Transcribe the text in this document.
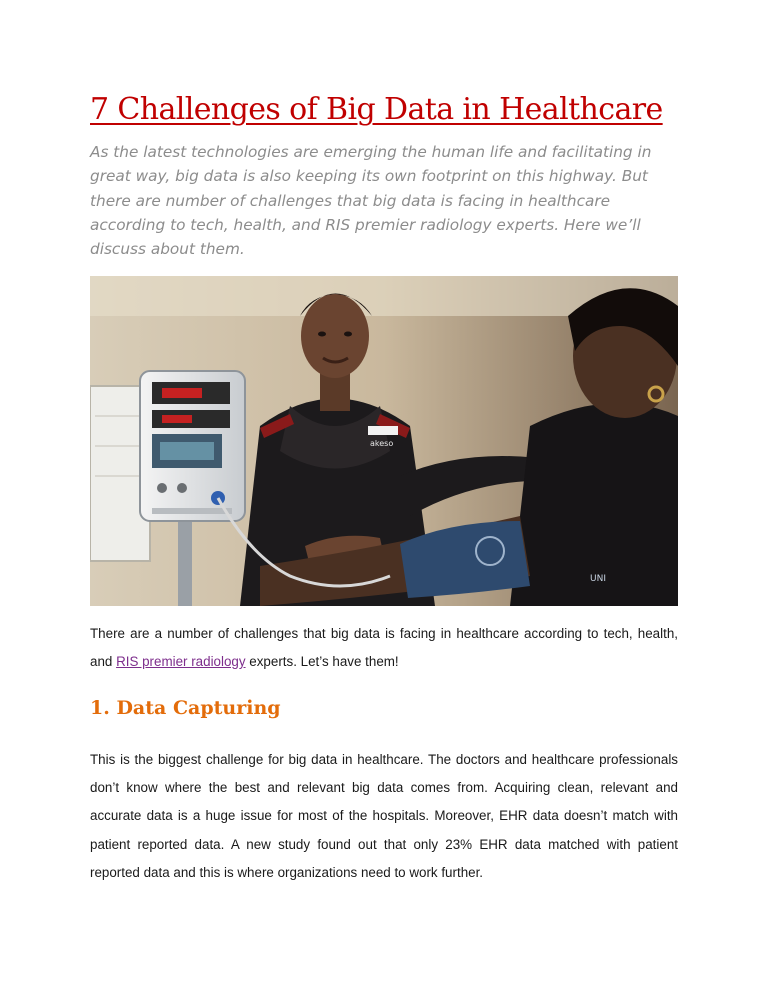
7 Challenges of Big Data in Healthcare

As the latest technologies are emerging the human life and facilitating in great way, big data is also keeping its own footprint on this highway. But there are number of challenges that big data is facing in healthcare according to tech, health, and RIS premier radiology experts. Here we’ll discuss about them.

akeso
UNI

There are a number of challenges that big data is facing in healthcare according to tech, health, and RIS premier radiology experts. Let’s have them!

1. Data Capturing

This is the biggest challenge for big data in healthcare. The doctors and healthcare professionals don’t know where the best and relevant big data comes from. Acquiring clean, relevant and accurate data is a huge issue for most of the hospitals. Moreover, EHR data doesn’t match with patient reported data. A new study found out that only 23% EHR data matched with patient reported data and this is where organizations need to work further.
